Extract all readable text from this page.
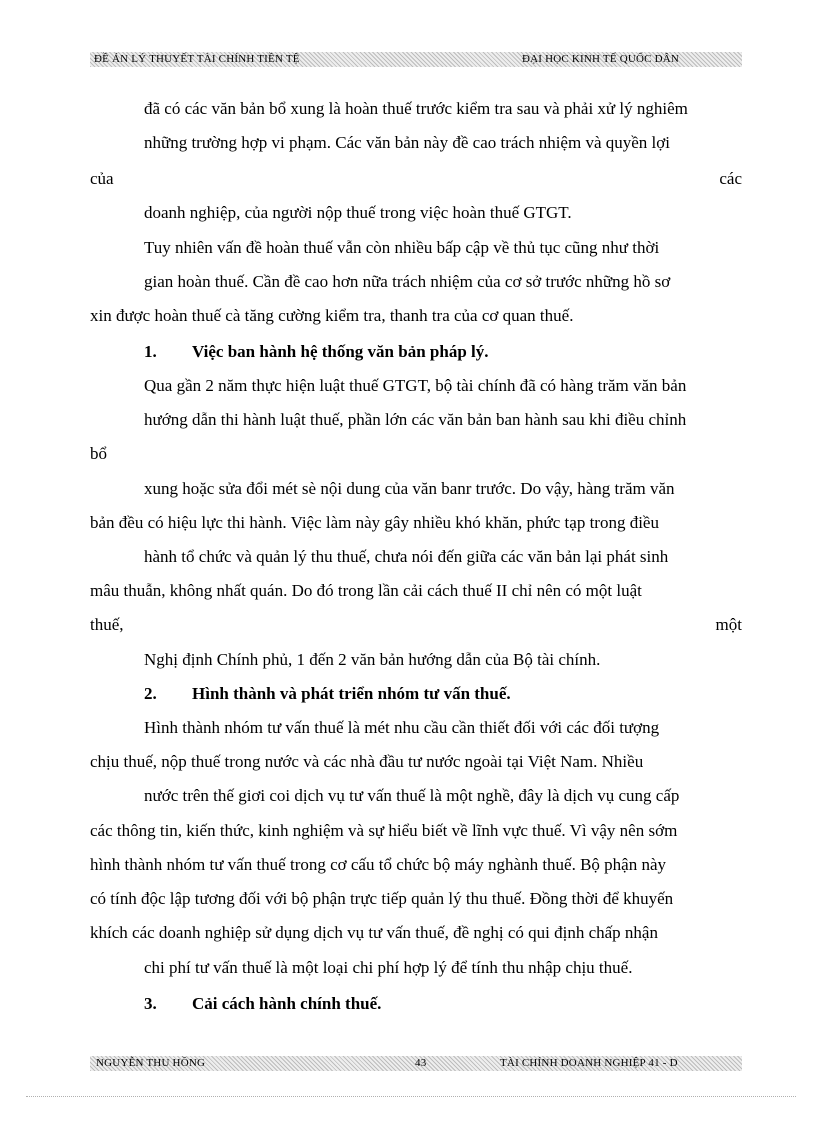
ĐỀ ÁN LÝ THUYẾT TÀI CHÍNH TIỀN TỆ	ĐẠI HỌC KINH TẾ QUỐC DÂN
đã có các văn bản bổ xung là hoàn thuế trước kiểm tra sau và phải xử lý nghiêm
những trường hợp vi phạm. Các văn bản này đề cao trách nhiệm và quyền lợi
của	các
doanh nghiệp, của người nộp thuế trong việc hoàn thuế GTGT.
Tuy nhiên vấn đề hoàn thuế vẫn còn nhiều bấp cập về thủ tục cũng như thời
gian hoàn thuế. Cần đề cao hơn nữa trách nhiệm của cơ sở trước những hồ sơ
xin được hoàn thuế cà tăng cường kiểm tra, thanh tra của cơ quan thuế.
1. Việc ban hành hệ thống văn bản pháp lý.
Qua gần 2 năm thực hiện luật thuế GTGT, bộ tài chính đã có hàng trăm văn bản
hướng dẫn thi hành luật thuế, phần lớn các văn bản ban hành sau khi điều chỉnh
bổ
xung hoặc sửa đổi mét sè nội dung của văn banr trước. Do vậy, hàng trăm văn
bản đều có hiệu lực thi hành. Việc làm này gây nhiều khó khăn, phức tạp trong điều
hành tổ chức và quản lý thu thuế, chưa nói đến giữa các văn bản lại phát sinh
mâu thuẫn, không nhất quán. Do đó trong lần cải cách thuế II chỉ nên có một luật
thuế,	một
Nghị định Chính phủ, 1 đến 2 văn bản hướng dẫn của Bộ tài chính.
2. Hình thành và phát triển nhóm tư vấn thuế.
Hình thành nhóm tư vấn thuế là mét nhu cầu cần thiết đối với các đối tượng
chịu thuế, nộp thuế trong nước và các nhà đầu tư nước ngoài tại Việt Nam. Nhiều
nước trên thế giơi coi dịch vụ tư vấn thuế là một nghề, đây là dịch vụ cung cấp
các thông tin, kiến thức, kinh nghiệm và sự hiểu biết về lĩnh vực thuế. Vì vậy nên sớm
hình thành nhóm tư vấn thuế trong cơ cấu tổ chức bộ máy nghành thuế. Bộ phận này
có tính độc lập tương đối với bộ phận trực tiếp quản lý thu thuế. Đồng thời để khuyến
khích các doanh nghiệp sử dụng dịch vụ tư vấn thuế, đề nghị có qui định chấp nhận
chi phí tư vấn thuế là một loại chi phí hợp lý để tính thu nhập chịu thuế.
3. Cải cách hành chính thuế.
NGUYỄN THU HỒNG	43	TÀI CHÍNH DOANH NGHIỆP 41 - D
